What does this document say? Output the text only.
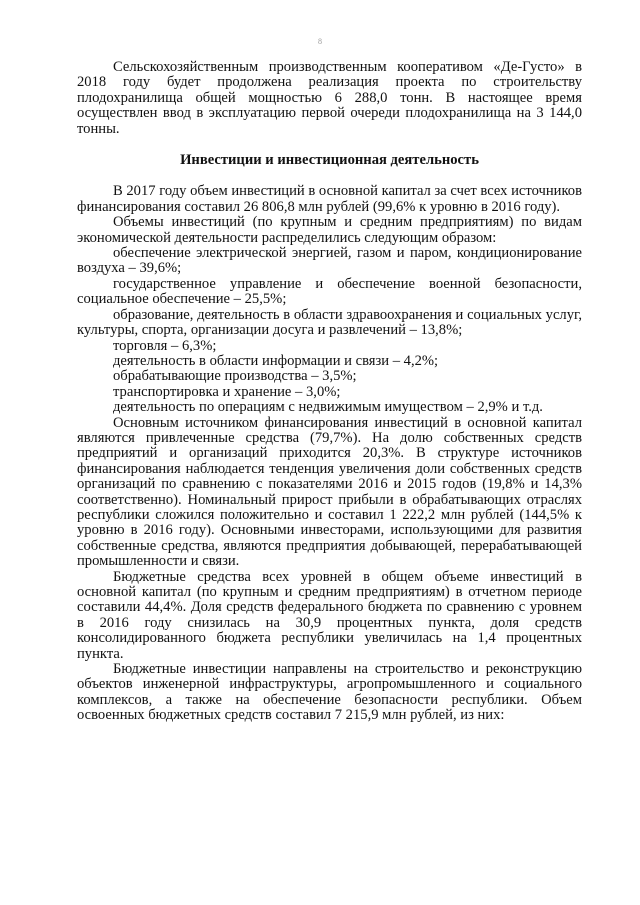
8

Сельскохозяйственным производственным кооперативом «Де-Густо» в 2018 году будет продолжена реализация проекта по строительству плодохранилища общей мощностью 6 288,0 тонн. В настоящее время осуществлен ввод в эксплуатацию первой очереди плодохранилища на 3 144,0 тонны.

Инвестиции и инвестиционная деятельность

В 2017 году объем инвестиций в основной капитал за счет всех источников финансирования составил 26 806,8 млн рублей (99,6% к уровню в 2016 году).

Объемы инвестиций (по крупным и средним предприятиям) по видам экономической деятельности распределились следующим образом:

обеспечение электрической энергией, газом и паром, кондиционирование воздуха – 39,6%;

государственное управление и обеспечение военной безопасности, социальное обеспечение – 25,5%;

образование, деятельность в области здравоохранения и социальных услуг, культуры, спорта, организации досуга и развлечений – 13,8%;

торговля – 6,3%;

деятельность в области информации и связи – 4,2%;

обрабатывающие производства – 3,5%;

транспортировка и хранение – 3,0%;

деятельность по операциям с недвижимым имуществом – 2,9% и т.д.

Основным источником финансирования инвестиций в основной капитал являются привлеченные средства (79,7%). На долю собственных средств предприятий и организаций приходится 20,3%. В структуре источников финансирования наблюдается тенденция увеличения доли собственных средств организаций по сравнению с показателями 2016 и 2015 годов (19,8% и 14,3% соответственно). Номинальный прирост прибыли в обрабатывающих отраслях республики сложился положительно и составил 1 222,2 млн рублей (144,5% к уровню в 2016 году). Основными инвесторами, использующими для развития собственные средства, являются предприятия добывающей, перерабатывающей промышленности и связи.

Бюджетные средства всех уровней в общем объеме инвестиций в основной капитал (по крупным и средним предприятиям) в отчетном периоде составили 44,4%. Доля средств федерального бюджета по сравнению с уровнем в 2016 году снизилась на 30,9 процентных пункта, доля средств консолидированного бюджета республики увеличилась на 1,4 процентных пункта.

Бюджетные инвестиции направлены на строительство и реконструкцию объектов инженерной инфраструктуры, агропромышленного и социального комплексов, а также на обеспечение безопасности республики. Объем освоенных бюджетных средств составил 7 215,9 млн рублей, из них:
